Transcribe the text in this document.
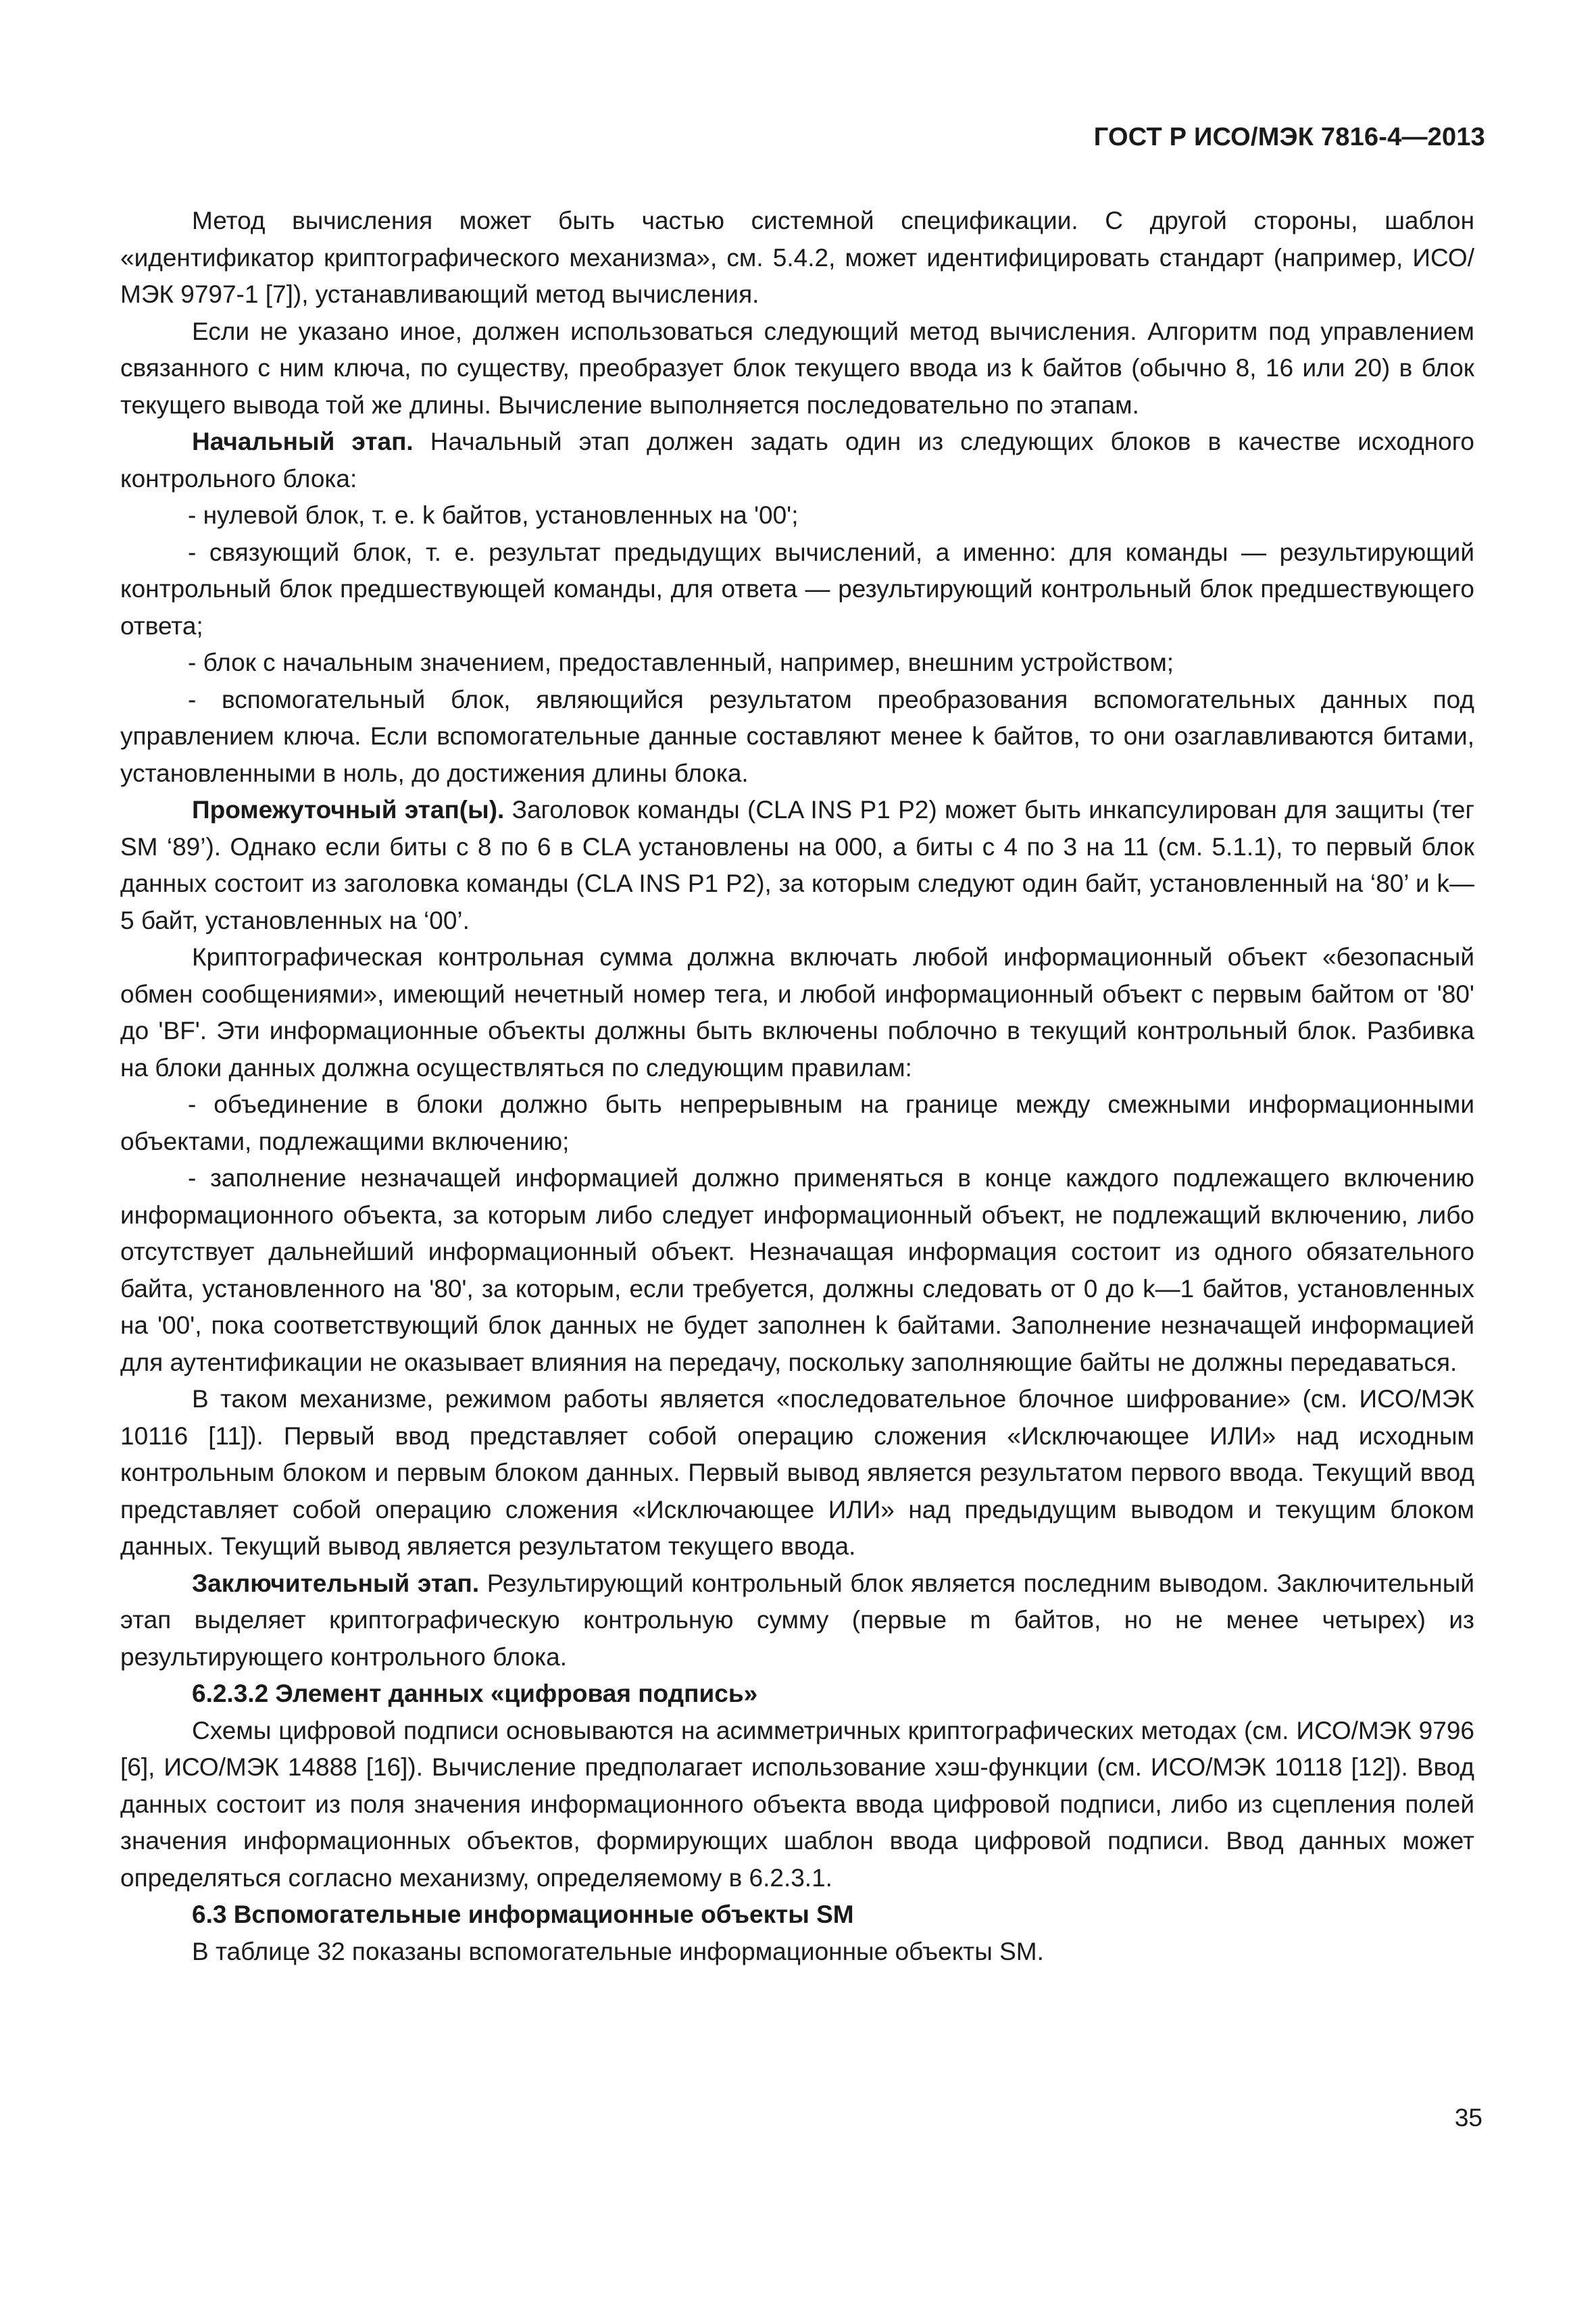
ГОСТ Р ИСО/МЭК 7816-4—2013

Метод вычисления может быть частью системной спецификации. С другой стороны, шаблон «идентификатор криптографического механизма», см. 5.4.2, может идентифицировать стандарт (например, ИСО/МЭК 9797-1 [7]), устанавливающий метод вычисления.

Если не указано иное, должен использоваться следующий метод вычисления. Алгоритм под управлением связанного с ним ключа, по существу, преобразует блок текущего ввода из k байтов (обычно 8, 16 или 20) в блок текущего вывода той же длины. Вычисление выполняется последовательно по этапам.

Начальный этап. Начальный этап должен задать один из следующих блоков в качестве исходного контрольного блока:

- нулевой блок, т. е. k байтов, установленных на '00';

- связующий блок, т. е. результат предыдущих вычислений, а именно: для команды — результирующий контрольный блок предшествующей команды, для ответа — результирующий контрольный блок предшествующего ответа;

- блок с начальным значением, предоставленный, например, внешним устройством;

- вспомогательный блок, являющийся результатом преобразования вспомогательных данных под управлением ключа. Если вспомогательные данные составляют менее k байтов, то они озаглавливаются битами, установленными в ноль, до достижения длины блока.

Промежуточный этап(ы). Заголовок команды (CLA INS P1 P2) может быть инкапсулирован для защиты (тег SM ‘89’). Однако если биты с 8 по 6 в CLA установлены на 000, а биты с 4 по 3 на 11 (см. 5.1.1), то первый блок данных состоит из заголовка команды (CLA INS P1 P2), за которым следуют один байт, установленный на ‘80’ и k—5 байт, установленных на ‘00’.

Криптографическая контрольная сумма должна включать любой информационный объект «безопасный обмен сообщениями», имеющий нечетный номер тега, и любой информационный объект с первым байтом от '80' до 'BF'. Эти информационные объекты должны быть включены поблочно в текущий контрольный блок. Разбивка на блоки данных должна осуществляться по следующим правилам:

- объединение в блоки должно быть непрерывным на границе между смежными информационными объектами, подлежащими включению;

- заполнение незначащей информацией должно применяться в конце каждого подлежащего включению информационного объекта, за которым либо следует информационный объект, не подлежащий включению, либо отсутствует дальнейший информационный объект. Незначащая информация состоит из одного обязательного байта, установленного на '80', за которым, если требуется, должны следовать от 0 до k—1 байтов, установленных на '00', пока соответствующий блок данных не будет заполнен k байтами. Заполнение незначащей информацией для аутентификации не оказывает влияния на передачу, поскольку заполняющие байты не должны передаваться.

В таком механизме, режимом работы является «последовательное блочное шифрование» (см. ИСО/МЭК 10116 [11]). Первый ввод представляет собой операцию сложения «Исключающее ИЛИ» над исходным контрольным блоком и первым блоком данных. Первый вывод является результатом первого ввода. Текущий ввод представляет собой операцию сложения «Исключающее ИЛИ» над предыдущим выводом и текущим блоком данных. Текущий вывод является результатом текущего ввода.

Заключительный этап. Результирующий контрольный блок является последним выводом. Заключительный этап выделяет криптографическую контрольную сумму (первые m байтов, но не менее четырех) из результирующего контрольного блока.

6.2.3.2 Элемент данных «цифровая подпись»

Схемы цифровой подписи основываются на асимметричных криптографических методах (см. ИСО/МЭК 9796 [6], ИСО/МЭК 14888 [16]). Вычисление предполагает использование хэш-функции (см. ИСО/МЭК 10118 [12]). Ввод данных состоит из поля значения информационного объекта ввода цифровой подписи, либо из сцепления полей значения информационных объектов, формирующих шаблон ввода цифровой подписи. Ввод данных может определяться согласно механизму, определяемому в 6.2.3.1.

6.3 Вспомогательные информационные объекты SM

В таблице 32 показаны вспомогательные информационные объекты SM.

35
